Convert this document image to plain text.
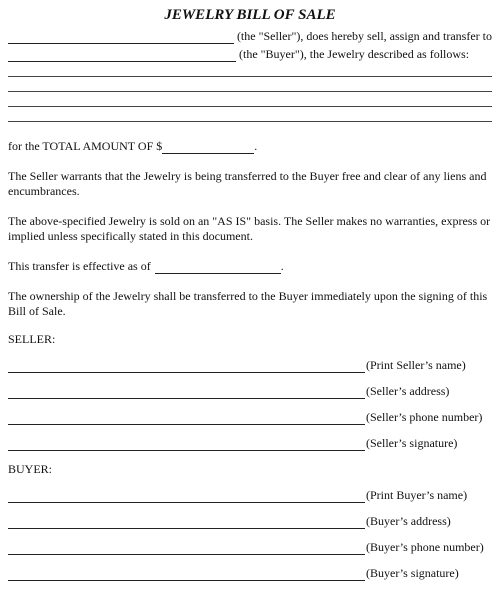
JEWELRY BILL OF SALE
(the "Seller"), does hereby sell, assign and transfer to
(the "Buyer"), the Jewelry described as follows:
for the TOTAL AMOUNT OF $	.

The Seller warrants that the Jewelry is being transferred to the Buyer free and clear of any liens and encumbrances.

The above-specified Jewelry is sold on an "AS IS" basis. The Seller makes no warranties, express or implied unless specifically stated in this document.

This transfer is effective as of	.

The ownership of the Jewelry shall be transferred to the Buyer immediately upon the signing of this Bill of Sale.

SELLER:
(Print Seller’s name)
(Seller’s address)
(Seller’s phone number)
(Seller’s signature)
BUYER:
(Print Buyer’s name)
(Buyer’s address)
(Buyer’s phone number)
(Buyer’s signature)
